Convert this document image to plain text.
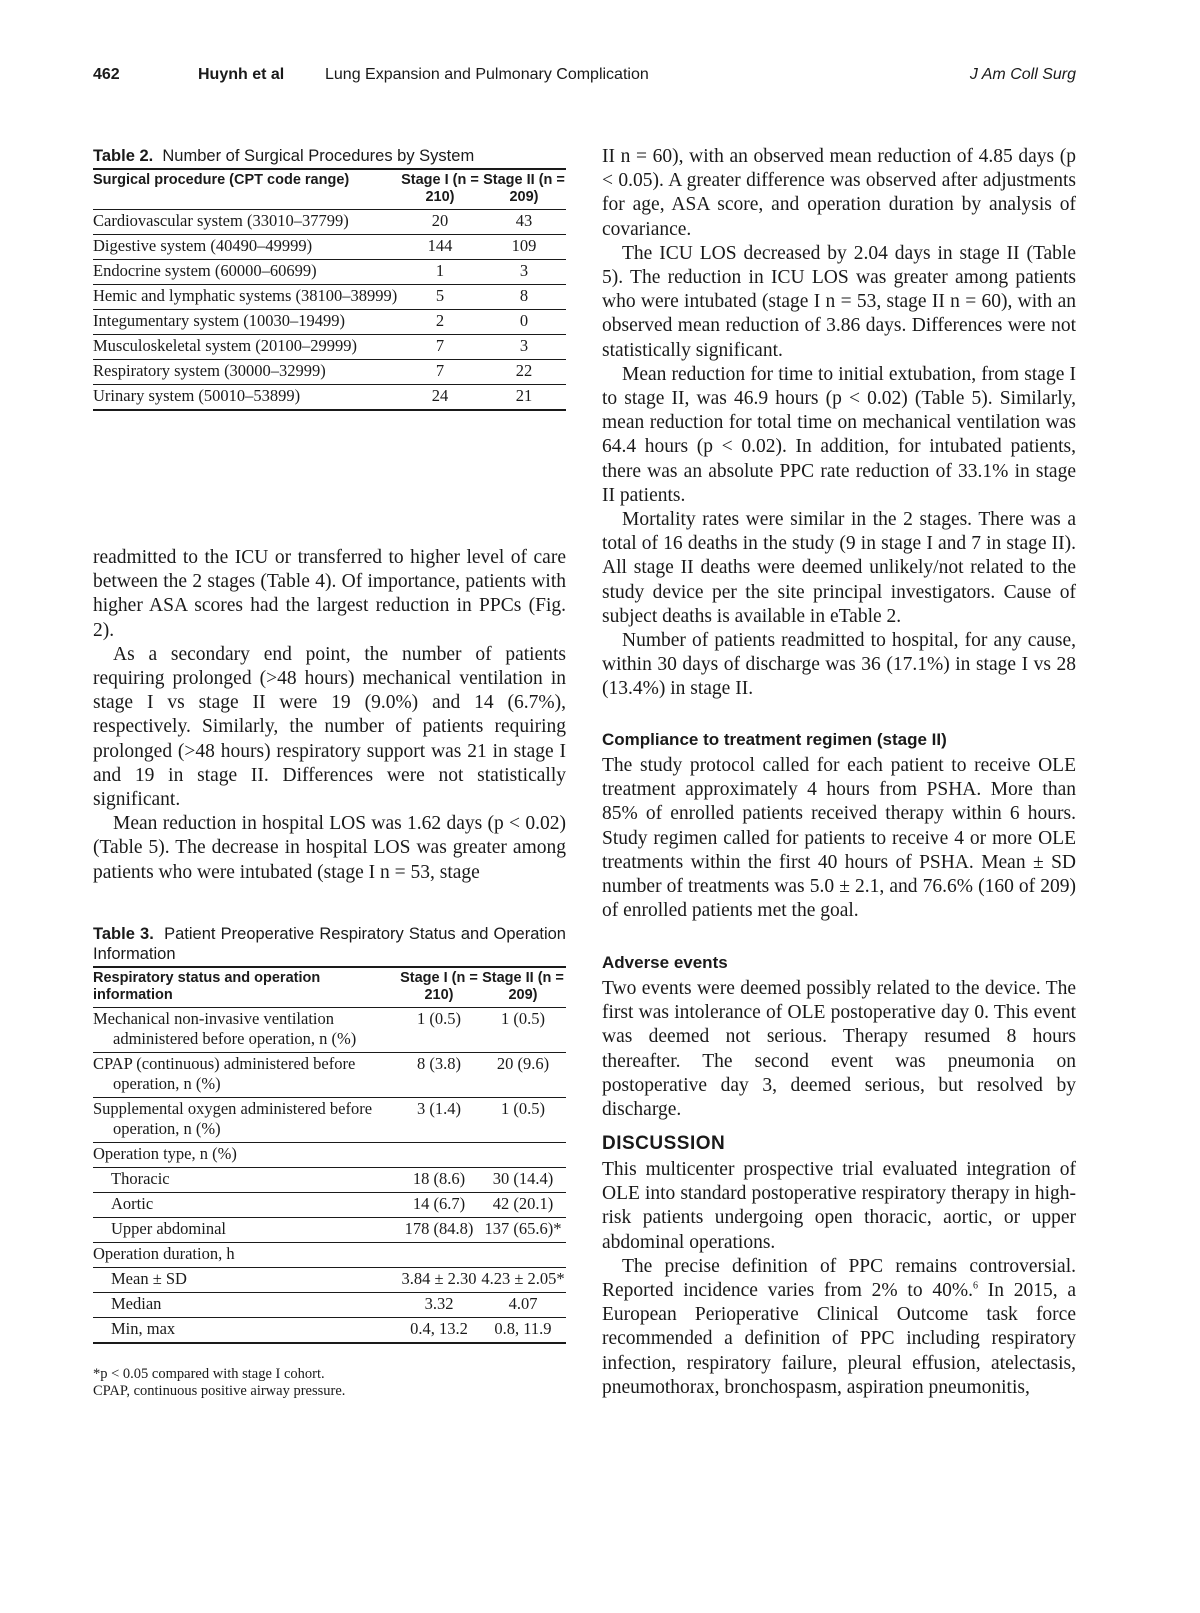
462	Huynh et al	Lung Expansion and Pulmonary Complication	J Am Coll Surg
Table 2. Number of Surgical Procedures by System
Surgical procedure (CPT code range)	Stage I (n = 210)	Stage II (n = 209)
Cardiovascular system (33010–37799)	20	43
Digestive system (40490–49999)	144	109
Endocrine system (60000–60699)	1	3
Hemic and lymphatic systems (38100–38999)	5	8
Integumentary system (10030–19499)	2	0
Musculoskeletal system (20100–29999)	7	3
Respiratory system (30000–32999)	7	22
Urinary system (50010–53899)	24	21

readmitted to the ICU or transferred to higher level of care between the 2 stages (Table 4). Of importance, patients with higher ASA scores had the largest reduction in PPCs (Fig. 2).

As a secondary end point, the number of patients requiring prolonged (>48 hours) mechanical ventilation in stage I vs stage II were 19 (9.0%) and 14 (6.7%), respectively. Similarly, the number of patients requiring prolonged (>48 hours) respiratory support was 21 in stage I and 19 in stage II. Differences were not statistically significant.

Mean reduction in hospital LOS was 1.62 days (p < 0.02) (Table 5). The decrease in hospital LOS was greater among patients who were intubated (stage I n = 53, stage

Table 3. Patient Preoperative Respiratory Status and Operation Information
Respiratory status and operation information	Stage I (n = 210)	Stage II (n = 209)
Mechanical non-invasive ventilation administered before operation, n (%)	1 (0.5)	1 (0.5)
CPAP (continuous) administered before operation, n (%)	8 (3.8)	20 (9.6)
Supplemental oxygen administered before operation, n (%)	3 (1.4)	1 (0.5)
Operation type, n (%)		
Thoracic	18 (8.6)	30 (14.4)
Aortic	14 (6.7)	42 (20.1)
Upper abdominal	178 (84.8)	137 (65.6)*
Operation duration, h		
Mean ± SD	3.84 ± 2.30	4.23 ± 2.05*
Median	3.32	4.07
Min, max	0.4, 13.2	0.8, 11.9

*p < 0.05 compared with stage I cohort.

CPAP, continuous positive airway pressure.

II n = 60), with an observed mean reduction of 4.85 days (p < 0.05). A greater difference was observed after adjustments for age, ASA score, and operation duration by analysis of covariance.

The ICU LOS decreased by 2.04 days in stage II (Table 5). The reduction in ICU LOS was greater among patients who were intubated (stage I n = 53, stage II n = 60), with an observed mean reduction of 3.86 days. Differences were not statistically significant.

Mean reduction for time to initial extubation, from stage I to stage II, was 46.9 hours (p < 0.02) (Table 5). Similarly, mean reduction for total time on mechanical ventilation was 64.4 hours (p < 0.02). In addition, for intubated patients, there was an absolute PPC rate reduction of 33.1% in stage II patients.

Mortality rates were similar in the 2 stages. There was a total of 16 deaths in the study (9 in stage I and 7 in stage II). All stage II deaths were deemed unlikely/not related to the study device per the site principal investigators. Cause of subject deaths is available in eTable 2.

Number of patients readmitted to hospital, for any cause, within 30 days of discharge was 36 (17.1%) in stage I vs 28 (13.4%) in stage II.

Compliance to treatment regimen (stage II)

The study protocol called for each patient to receive OLE treatment approximately 4 hours from PSHA. More than 85% of enrolled patients received therapy within 6 hours. Study regimen called for patients to receive 4 or more OLE treatments within the first 40 hours of PSHA. Mean ± SD number of treatments was 5.0 ± 2.1, and 76.6% (160 of 209) of enrolled patients met the goal.

Adverse events

Two events were deemed possibly related to the device. The first was intolerance of OLE postoperative day 0. This event was deemed not serious. Therapy resumed 8 hours thereafter. The second event was pneumonia on postoperative day 3, deemed serious, but resolved by discharge.

DISCUSSION

This multicenter prospective trial evaluated integration of OLE into standard postoperative respiratory therapy in high-risk patients undergoing open thoracic, aortic, or upper abdominal operations.

The precise definition of PPC remains controversial. Reported incidence varies from 2% to 40%.$^6$ In 2015, a European Perioperative Clinical Outcome task force recommended a definition of PPC including respiratory infection, respiratory failure, pleural effusion, atelectasis, pneumothorax, bronchospasm, aspiration pneumonitis,
